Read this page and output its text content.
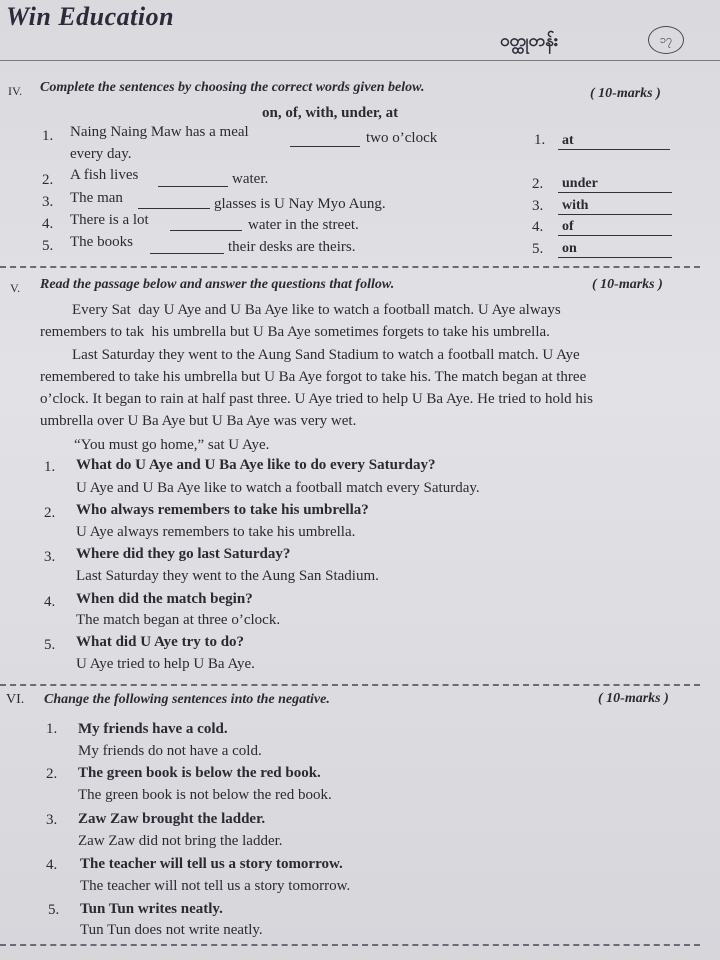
Win Education
ဝတ္ထုတန်း	၁၇
IV. Complete the sentences by choosing the correct words given below.	( 10-marks )
on, of, with, under, at
1. Naing Naing Maw has a meal	two o’clock
every day.
2. A fish lives	water.
3. The man	glasses is U Nay Myo Aung.
4. There is a lot	water in the street.
5. The books	their desks are theirs.
1. at
2. under
3. with
4. of
5. on
V. Read the passage below and answer the questions that follow.	( 10-marks )
Every Sat  day U Aye and U Ba Aye like to watch a football match. U Aye always
remembers to tak  his umbrella but U Ba Aye sometimes forgets to take his umbrella.
Last Saturday they went to the Aung Sand Stadium to watch a football match. U Aye
remembered to take his umbrella but U Ba Aye forgot to take his. The match began at three
o’clock. It began to rain at half past three. U Aye tried to help U Ba Aye. He tried to hold his
umbrella over U Ba Aye but U Ba Aye was very wet.
“You must go home,” sat U Aye.
1. What do U Aye and U Ba Aye like to do every Saturday?
U Aye and U Ba Aye like to watch a football match every Saturday.
2. Who always remembers to take his umbrella?
U Aye always remembers to take his umbrella.
3. Where did they go last Saturday?
Last Saturday they went to the Aung San Stadium.
4. When did the match begin?
The match began at three o’clock.
5. What did U Aye try to do?
U Aye tried to help U Ba Aye.
VI. Change the following sentences into the negative.	( 10-marks )
1. My friends have a cold.
My friends do not have a cold.
2. The green book is below the red book.
The green book is not below the red book.
3. Zaw Zaw brought the ladder.
Zaw Zaw did not bring the ladder.
4. The teacher will tell us a story tomorrow.
The teacher will not tell us a story tomorrow.
5. Tun Tun writes neatly.
Tun Tun does not write neatly.
